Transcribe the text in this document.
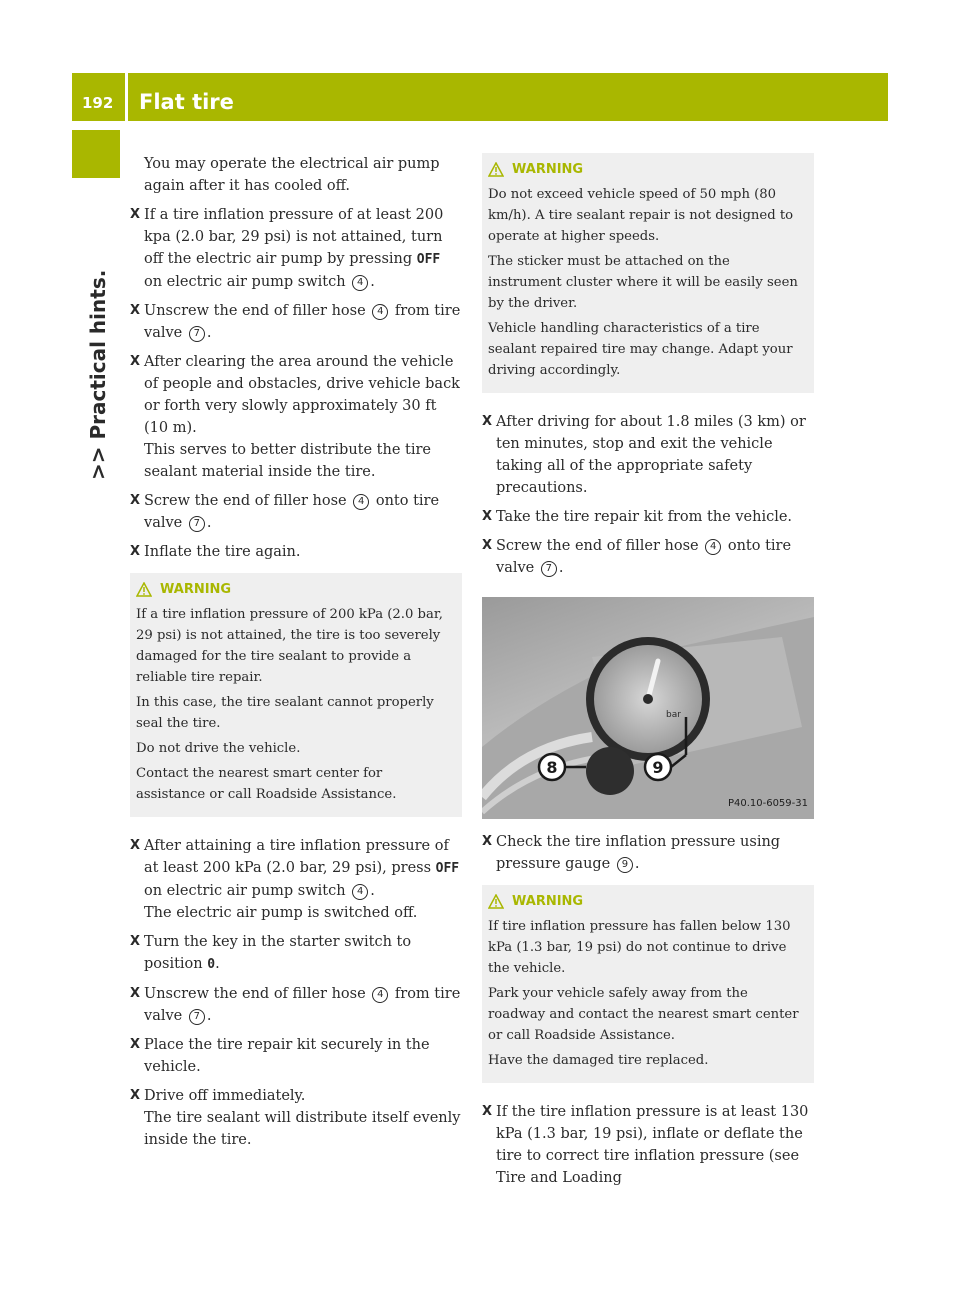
192 Flat tire
>> Practical hints.

You may operate the electrical air pump again after it has cooled off.

X If a tire inflation pressure of at least 200 kpa (2.0 bar, 29 psi) is not attained, turn off the electric air pump by pressing OFF on electric air pump switch 4 .
X Unscrew the end of filler hose 4 from tire valve 7 .
X After clearing the area around the vehicle of people and obstacles, drive vehicle back or forth very slowly approximately 30 ft (10 m).
This serves to better distribute the tire sealant material inside the tire.
X Screw the end of filler hose 4 onto tire valve 7 .
X Inflate the tire again.
WARNING

If a tire inflation pressure of 200 kPa (2.0 bar, 29 psi) is not attained, the tire is too severely damaged for the tire sealant to provide a reliable tire repair.

In this case, the tire sealant cannot properly seal the tire.

Do not drive the vehicle.

Contact the nearest smart center for assistance or call Roadside Assistance.

X After attaining a tire inflation pressure of at least 200 kPa (2.0 bar, 29 psi), press OFF on electric air pump switch 4 .
The electric air pump is switched off.
X Turn the key in the starter switch to position 0.
X Unscrew the end of filler hose 4 from tire valve 7 .
X Place the tire repair kit securely in the vehicle.
X Drive off immediately.
The tire sealant will distribute itself evenly inside the tire.
WARNING

Do not exceed vehicle speed of 50 mph (80 km/h). A tire sealant repair is not designed to operate at higher speeds.

The sticker must be attached on the instrument cluster where it will be easily seen by the driver.

Vehicle handling characteristics of a tire sealant repaired tire may change. Adapt your driving accordingly.

X After driving for about 1.8 miles (3 km) or ten minutes, stop and exit the vehicle taking all of the appropriate safety precautions.
X Take the tire repair kit from the vehicle.
X Screw the end of filler hose 4 onto tire valve 7 .
bar
8	9
P40.10-6059-31
X Check the tire inflation pressure using pressure gauge 9 .
WARNING

If tire inflation pressure has fallen below 130 kPa (1.3 bar, 19 psi) do not continue to drive the vehicle.

Park your vehicle safely away from the roadway and contact the nearest smart center or call Roadside Assistance.

Have the damaged tire replaced.

X If the tire inflation pressure is at least 130 kPa (1.3 bar, 19 psi), inflate or deflate the tire to correct tire inflation pressure (see Tire and Loading
